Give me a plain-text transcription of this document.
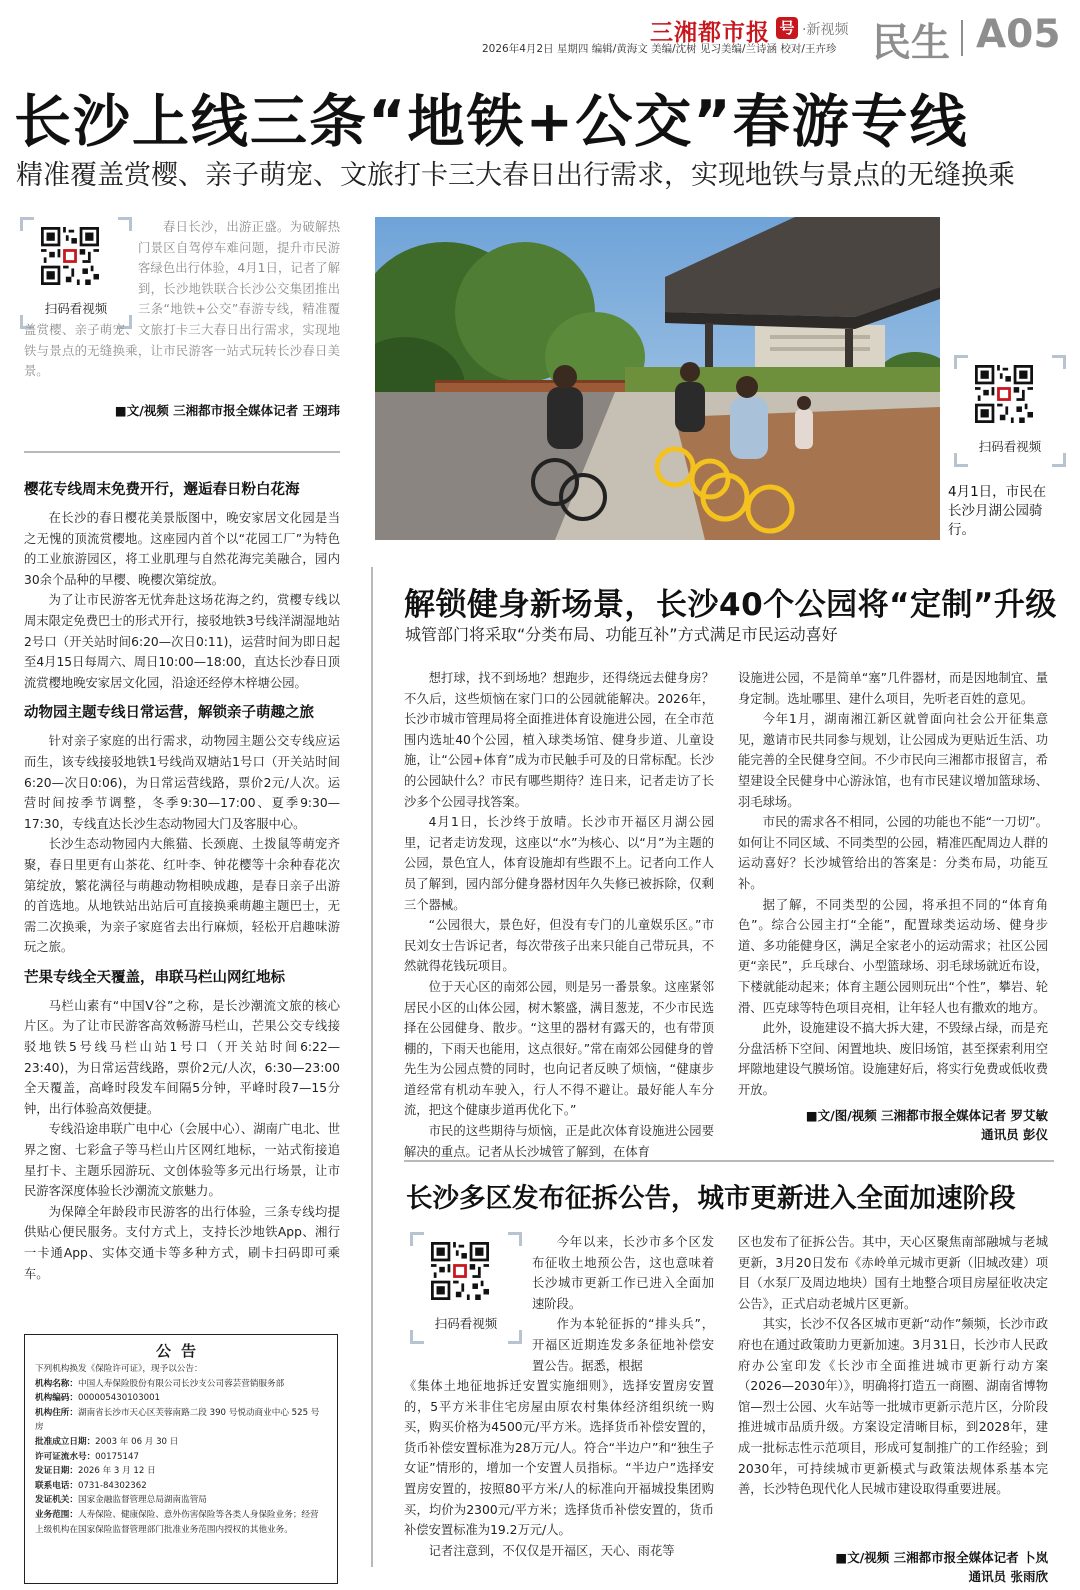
三湘都市报 号 ·新视频 民生 A05
2026年4月2日 星期四 编辑/黄海文 美编/沈树 见习美编/兰诗涵 校对/王卉珍
长沙上线三条“地铁+公交”春游专线
精准覆盖赏樱、亲子萌宠、文旅打卡三大春日出行需求，实现地铁与景点的无缝换乘
扫码看视频
春日长沙，出游正盛。为破解热门景区自驾停车难问题，提升市民游客绿色出行体验，4月1日，记者了解到，长沙地铁联合长沙公交集团推出三条“地铁+公交”春游专线，精准覆盖赏樱、亲子萌宠、文旅打卡三大春日出行需求，实现地铁与景点的无缝换乘，让市民游客一站式玩转长沙春日美景。
■文/视频 三湘都市报全媒体记者 王翊玮
樱花专线周末免费开行，邂逅春日粉白花海

在长沙的春日樱花美景版图中，晚安家居文化园是当之无愧的顶流赏樱地。这座园内首个以“花园工厂”为特色的工业旅游园区，将工业肌理与自然花海完美融合，园内30余个品种的早樱、晚樱次第绽放。

为了让市民游客无忧奔赴这场花海之约，赏樱专线以周末限定免费巴士的形式开行，接驳地铁3号线洋湖湿地站2号口（开关站时间6:20—次日0:11)，运营时间为即日起至4月15日每周六、周日10:00—18:00，直达长沙春日顶流赏樱地晚安家居文化园，沿途还经停木梓塘公园。

动物园主题专线日常运营，解锁亲子萌趣之旅

针对亲子家庭的出行需求，动物园主题公交专线应运而生，该专线接驳地铁1号线尚双塘站1号口（开关站时间6:20—次日0:06)，为日常运营线路，票价2元/人次。运营时间按季节调整，冬季9:30—17:00、夏季9:30—17:30，专线直达长沙生态动物园大门及客服中心。

长沙生态动物园内大熊猫、长颈鹿、土拨鼠等萌宠齐聚，春日里更有山茶花、红叶李、钟花樱等十余种春花次第绽放，繁花满径与萌趣动物相映成趣，是春日亲子出游的首选地。从地铁站出站后可直接换乘萌趣主题巴士，无需二次换乘，为亲子家庭省去出行麻烦，轻松开启趣味游玩之旅。

芒果专线全天覆盖，串联马栏山网红地标

马栏山素有“中国V谷”之称，是长沙潮流文旅的核心片区。为了让市民游客高效畅游马栏山，芒果公交专线接驳地铁5号线马栏山站1号口（开关站时间6:22—23:40)，为日常运营线路，票价2元/人次，6:30—23:00全天覆盖，高峰时段发车间隔5分钟，平峰时段7—15分钟，出行体验高效便捷。

专线沿途串联广电中心（会展中心）、湖南广电北、世界之窗、七彩盒子等马栏山片区网红地标，一站式衔接追星打卡、主题乐园游玩、文创体验等多元出行场景，让市民游客深度体验长沙潮流文旅魅力。

为保障全年龄段市民游客的出行体验，三条专线均提供贴心便民服务。支付方式上，支持长沙地铁App、湘行一卡通App、实体交通卡等多种方式，刷卡扫码即可乘车。

公告
下列机构换发《保险许可证》，现予以公告：
机构名称：中国人寿保险股份有限公司长沙支公司蓉芸营销服务部
机构编码：000005430103001
机构住所：湖南省长沙市天心区芙蓉南路二段 390 号悦动商业中心 525 号房
批准成立日期：2003 年 06 月 30 日
许可证流水号：00175147
发证日期：2026 年 3 月 12 日
联系电话：0731-84302362
发证机关：国家金融监督管理总局湖南监管局
业务范围：人寿保险、健康保险、意外伤害保险等各类人身保险业务；经营上级机构在国家保险监督管理部门批准业务范围内授权的其他业务。
扫码看视频
4月1日，市民在长沙月湖公园骑行。
解锁健身新场景，长沙40个公园将“定制”升级
城管部门将采取“分类布局、功能互补”方式满足市民运动喜好

想打球，找不到场地？想跑步，还得绕远去健身房？不久后，这些烦恼在家门口的公园就能解决。2026年，长沙市城市管理局将全面推进体育设施进公园，在全市范围内选址40个公园，植入球类场馆、健身步道、儿童设施，让“公园+体育”成为市民触手可及的日常标配。长沙的公园缺什么？市民有哪些期待？连日来，记者走访了长沙多个公园寻找答案。

4月1日，长沙终于放晴。长沙市开福区月湖公园里，记者走访发现，这座以“水”为核心、以“月”为主题的公园，景色宜人，体育设施却有些跟不上。记者向工作人员了解到，园内部分健身器材因年久失修已被拆除，仅剩三个器械。

“公园很大，景色好，但没有专门的儿童娱乐区。”市民刘女士告诉记者，每次带孩子出来只能自己带玩具，不然就得花钱玩项目。

位于天心区的南郊公园，则是另一番景象。这座紧邻居民小区的山体公园，树木繁盛，满目葱茏，不少市民选择在公园健身、散步。“这里的器材有露天的，也有带顶棚的，下雨天也能用，这点很好。”常在南郊公园健身的曾先生为公园点赞的同时，也向记者反映了烦恼，“健康步道经常有机动车驶入，行人不得不避让。最好能人车分流，把这个健康步道再优化下。”

市民的这些期待与烦恼，正是此次体育设施进公园要解决的重点。记者从长沙城管了解到，在体育

设施进公园，不是简单“塞”几件器材，而是因地制宜、量身定制。选址哪里、建什么项目，先听老百姓的意见。

今年1月，湖南湘江新区就曾面向社会公开征集意见，邀请市民共同参与规划，让公园成为更贴近生活、功能完善的全民健身空间。不少市民向三湘都市报留言，希望建设全民健身中心游泳馆，也有市民建议增加篮球场、羽毛球场。

市民的需求各不相同，公园的功能也不能“一刀切”。如何让不同区域、不同类型的公园，精准匹配周边人群的运动喜好？长沙城管给出的答案是：分类布局，功能互补。

据了解，不同类型的公园，将承担不同的“体育角色”。综合公园主打“全能”，配置球类运动场、健身步道、多功能健身区，满足全家老小的运动需求；社区公园更“亲民”，乒乓球台、小型篮球场、羽毛球场就近布设，下楼就能动起来；体育主题公园则玩出“个性”，攀岩、轮滑、匹克球等特色项目亮相，让年轻人也有撒欢的地方。

此外，设施建设不搞大拆大建，不毁绿占绿，而是充分盘活桥下空间、闲置地块、废旧场馆，甚至探索利用空坪隙地建设气膜场馆。设施建好后，将实行免费或低收费开放。

■文/图/视频 三湘都市报全媒体记者 罗艾敏
通讯员 彭仪
长沙多区发布征拆公告，城市更新进入全面加速阶段
扫码看视频

今年以来，长沙市多个区发布征收土地预公告，这也意味着长沙城市更新工作已进入全面加速阶段。

作为本轮征拆的“排头兵”，开福区近期连发多条征地补偿安置公告。据悉，根据

《集体土地征地拆迁安置实施细则》，选择安置房安置的，5平方米非住宅房屋由原农村集体经济组织统一购买，购买价格为4500元/平方米。选择货币补偿安置的，货币补偿安置标准为28万元/人。符合“半边户”和“独生子女证”情形的，增加一个安置人员指标。“半边户”选择安置房安置的，按照80平方米/人的标准向开福城投集团购买，均价为2300元/平方米；选择货币补偿安置的，货币补偿安置标准为19.2万元/人。

记者注意到，不仅仅是开福区，天心、雨花等

区也发布了征拆公告。其中，天心区聚焦南部融城与老城更新，3月20日发布《赤岭单元城市更新（旧城改建）项目（水泵厂及周边地块）国有土地整合项目房屋征收决定公告》，正式启动老城片区更新。

其实，长沙不仅各区城市更新“动作”频频，长沙市政府也在通过政策助力更新加速。3月31日，长沙市人民政府办公室印发《长沙市全面推进城市更新行动方案（2026—2030年）》，明确将打造五一商圈、湖南省博物馆—烈士公园、火车站等一批城市更新示范片区，分阶段推进城市品质升级。方案设定清晰目标，到2028年，建成一批标志性示范项目，形成可复制推广的工作经验；到2030年，可持续城市更新模式与政策法规体系基本完善，长沙特色现代化人民城市建设取得重要进展。

■文/视频 三湘都市报全媒体记者 卜岚
通讯员 张雨欣
